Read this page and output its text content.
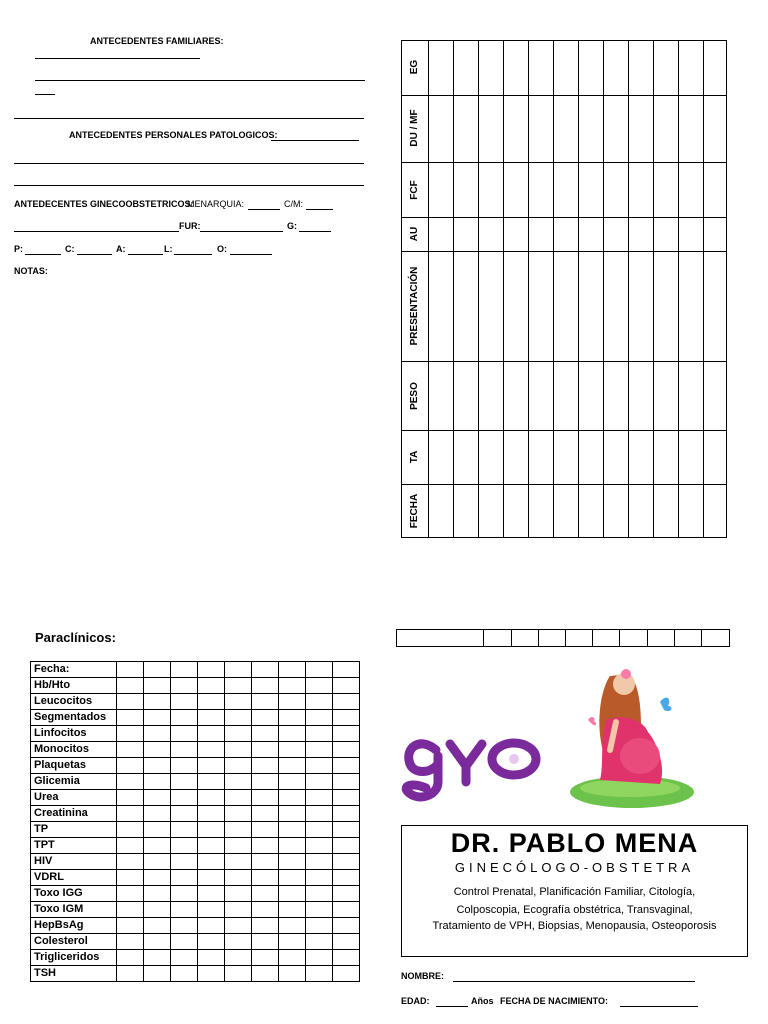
ANTECEDENTES FAMILIARES:
ANTECEDENTES PERSONALES PATOLOGICOS:
ANTEDECENTES GINECOOBSTETRICOS:
MENARQUIA:	C/M:
FUR:	G:
P:	C:	A:	L:	O:
NOTAS:
EG
DU / MF
FCF
AU
PRESENTACIÓN
PESO
TA
FECHA
Paraclínicos:
Fecha:									
Hb/Hto									
Leucocitos									
Segmentados									
Linfocitos									
Monocitos									
Plaquetas									
Glicemia									
Urea									
Creatinina									
TP									
TPT									
HIV									
VDRL									
Toxo IGG									
Toxo IGM									
HepBsAg									
Colesterol									
Trigliceridos									
TSH									
DR. PABLO MENA
GINECÓLOGO-OBSTETRA
Control Prenatal, Planificación Familiar, Citología,
Colposcopia, Ecografía obstétrica, Transvaginal,
Tratamiento de VPH, Biopsias, Menopausia, Osteoporosis
NOMBRE:
EDAD:	Años FECHA DE NACIMIENTO:
